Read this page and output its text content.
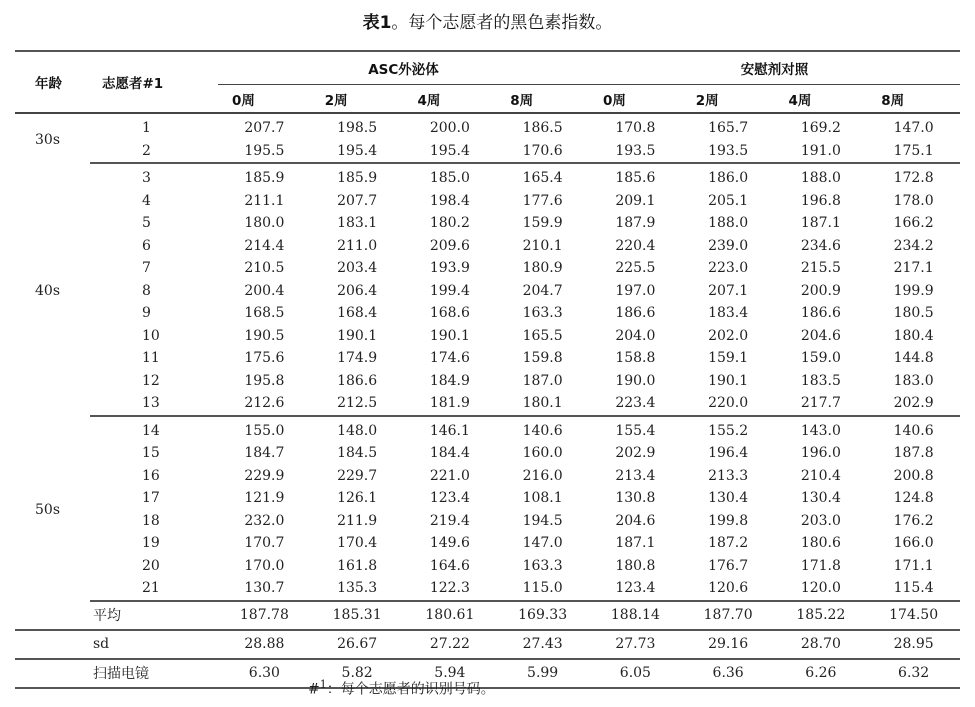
表1。每个志愿者的黑色素指数。
年龄	志愿者#1	ASC外泌体				安慰剂对照			
		0周	2周	4周	8周	0周	2周	4周	8周
30s	1	207.7	198.5	200.0	186.5	170.8	165.7	169.2	147.0
	2	195.5	195.4	195.4	170.6	193.5	193.5	191.0	175.1
40s	3	185.9	185.9	185.0	165.4	185.6	186.0	188.0	172.8
	4	211.1	207.7	198.4	177.6	209.1	205.1	196.8	178.0
	5	180.0	183.1	180.2	159.9	187.9	188.0	187.1	166.2
	6	214.4	211.0	209.6	210.1	220.4	239.0	234.6	234.2
	7	210.5	203.4	193.9	180.9	225.5	223.0	215.5	217.1
	8	200.4	206.4	199.4	204.7	197.0	207.1	200.9	199.9
	9	168.5	168.4	168.6	163.3	186.6	183.4	186.6	180.5
	10	190.5	190.1	190.1	165.5	204.0	202.0	204.6	180.4
	11	175.6	174.9	174.6	159.8	158.8	159.1	159.0	144.8
	12	195.8	186.6	184.9	187.0	190.0	190.1	183.5	183.0
	13	212.6	212.5	181.9	180.1	223.4	220.0	217.7	202.9
50s	14	155.0	148.0	146.1	140.6	155.4	155.2	143.0	140.6
	15	184.7	184.5	184.4	160.0	202.9	196.4	196.0	187.8
	16	229.9	229.7	221.0	216.0	213.4	213.3	210.4	200.8
	17	121.9	126.1	123.4	108.1	130.8	130.4	130.4	124.8
	18	232.0	211.9	219.4	194.5	204.6	199.8	203.0	176.2
	19	170.7	170.4	149.6	147.0	187.1	187.2	180.6	166.0
	20	170.0	161.8	164.6	163.3	180.8	176.7	171.8	171.1
	21	130.7	135.3	122.3	115.0	123.4	120.6	120.0	115.4
平均		187.78	185.31	180.61	169.33	188.14	187.70	185.22	174.50
sd		28.88	26.67	27.22	27.43	27.73	29.16	28.70	28.95
扫描电镜		6.30	5.82	5.94	5.99	6.05	6.36	6.26	6.32
#$^1$：每个志愿者的识别号码。
